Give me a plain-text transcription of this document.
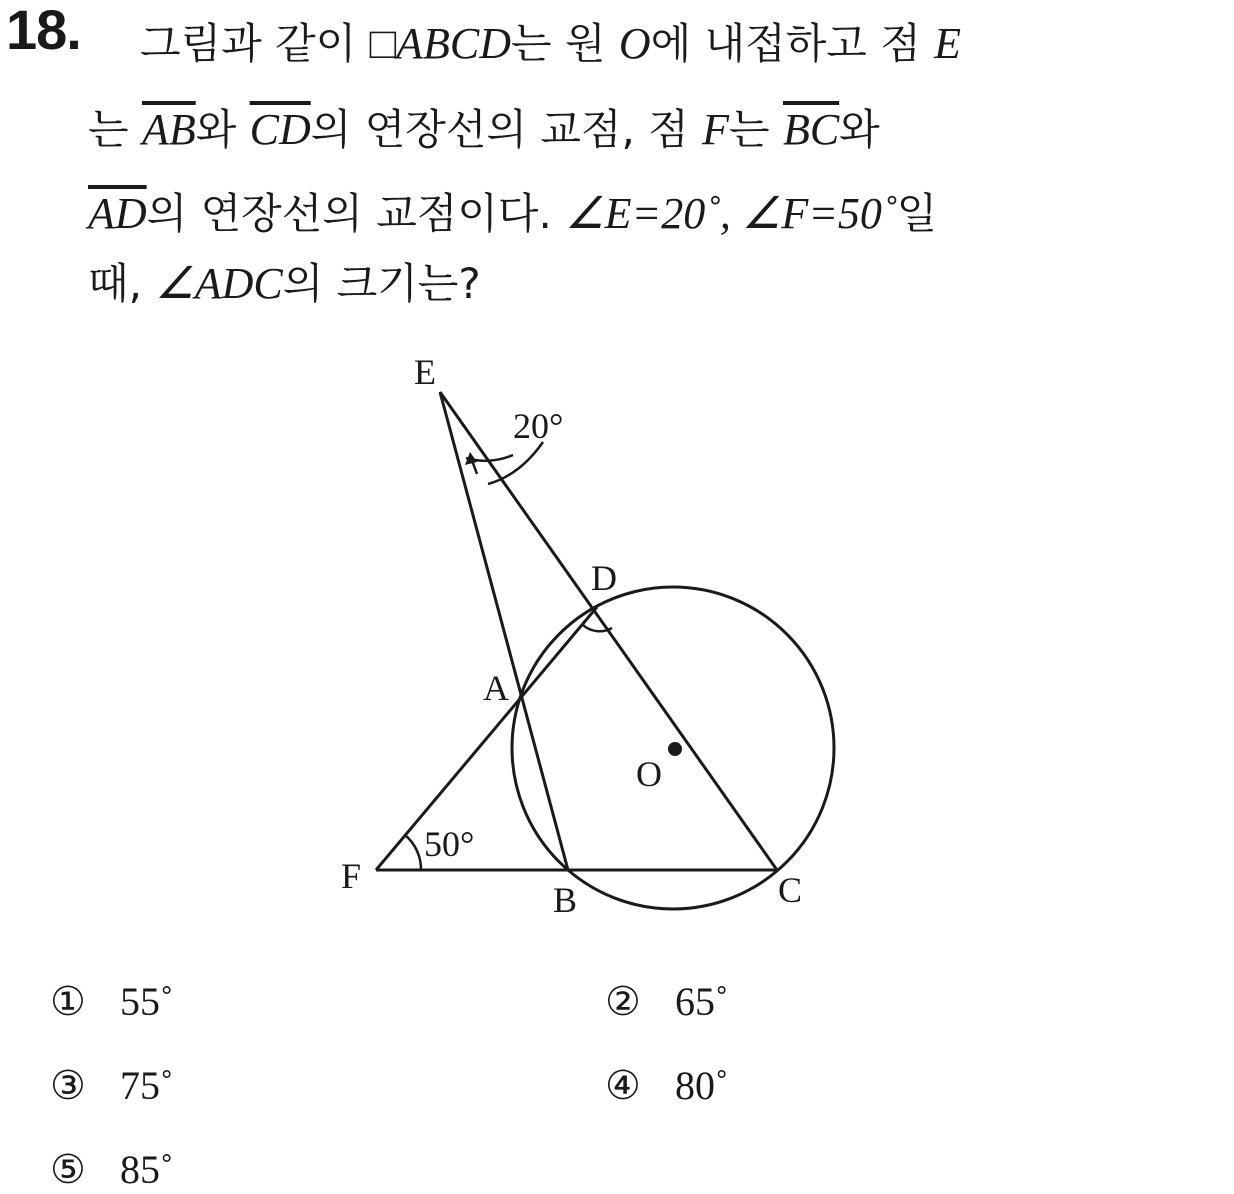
18. 그림과 같이 □ABCD는 원 O에 내접하고 점 E
는 $\overline{AB}$와 $\overline{CD}$의 연장선의 교점, 점 F는 $\overline{BC}$와
$\overline{AD}$의 연장선의 교점이다. ∠E=20˚, ∠F=50˚일
때, ∠ADC의 크기는?
E
D
A
O
F
B	C
20°
50°
① 55˚	② 65˚
③ 75˚	④ 80˚
⑤ 85˚
